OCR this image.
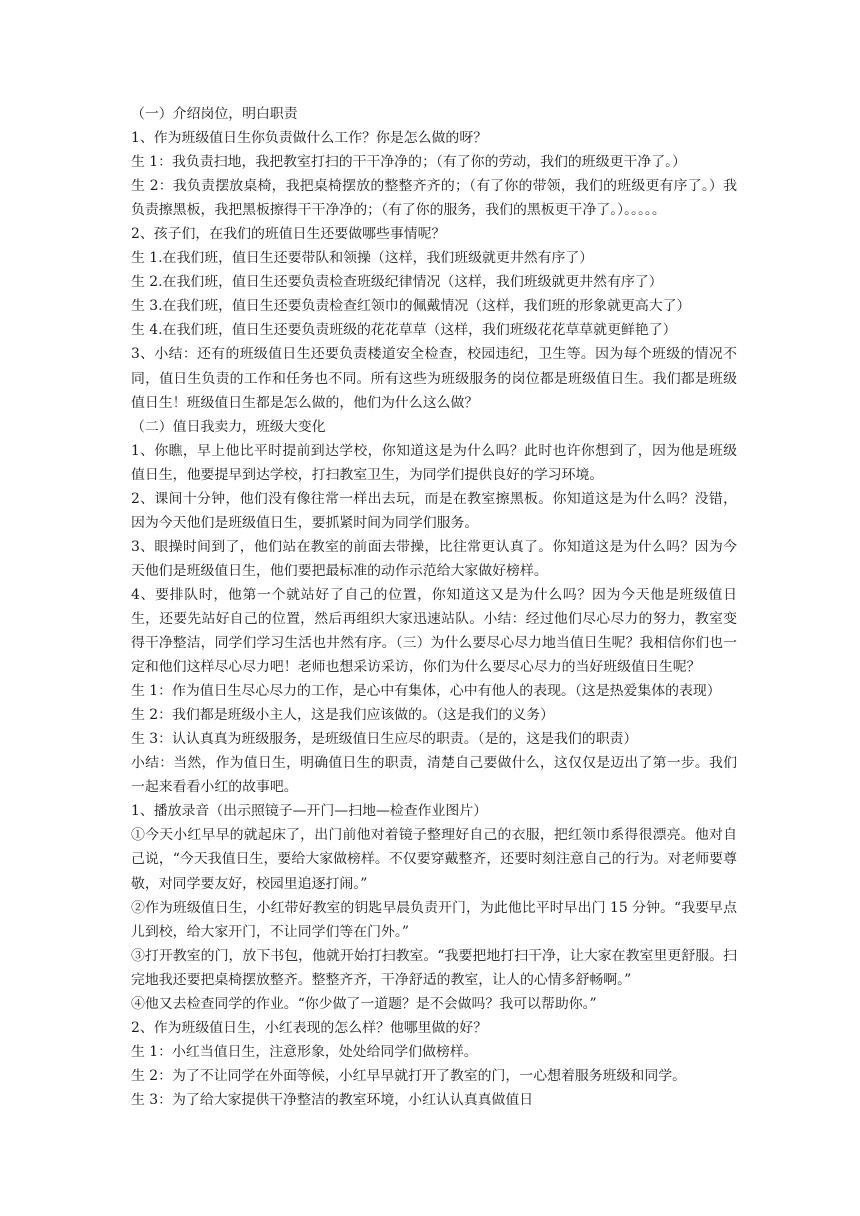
（一）介绍岗位，明白职责

1、作为班级值日生你负责做什么工作？你是怎么做的呀？

生 1：我负责扫地，我把教室打扫的干干净净的；（有了你的劳动，我们的班级更干净了。）

生 2：我负责摆放桌椅，我把桌椅摆放的整整齐齐的；（有了你的带领，我们的班级更有序了。）我负责擦黑板，我把黑板擦得干干净净的；（有了你的服务，我们的黑板更干净了。）。。。。。

2、孩子们，在我们的班值日生还要做哪些事情呢？

生 1.在我们班，值日生还要带队和领操（这样，我们班级就更井然有序了）

生 2.在我们班，值日生还要负责检查班级纪律情况（这样，我们班级就更井然有序了）

生 3.在我们班，值日生还要负责检查红领巾的佩戴情况（这样，我们班的形象就更高大了）

生 4.在我们班，值日生还要负责班级的花花草草（这样，我们班级花花草草就更鲜艳了）

3、小结：还有的班级值日生还要负责楼道安全检查，校园违纪，卫生等。因为每个班级的情况不同，值日生负责的工作和任务也不同。所有这些为班级服务的岗位都是班级值日生。我们都是班级值日生！班级值日生都是怎么做的，他们为什么这么做？

（二）值日我卖力，班级大变化

1、你瞧，早上他比平时提前到达学校，你知道这是为什么吗？此时也许你想到了，因为他是班级值日生，他要提早到达学校，打扫教室卫生，为同学们提供良好的学习环境。

2、课间十分钟，他们没有像往常一样出去玩，而是在教室擦黑板。你知道这是为什么吗？没错，因为今天他们是班级值日生，要抓紧时间为同学们服务。

3、眼操时间到了，他们站在教室的前面去带操，比往常更认真了。你知道这是为什么吗？因为今天他们是班级值日生，他们要把最标准的动作示范给大家做好榜样。

4、要排队时，他第一个就站好了自己的位置，你知道这又是为什么吗？因为今天他是班级值日生，还要先站好自己的位置，然后再组织大家迅速站队。小结：经过他们尽心尽力的努力，教室变得干净整洁，同学们学习生活也井然有序。（三）为什么要尽心尽力地当值日生呢？我相信你们也一定和他们这样尽心尽力吧！老师也想采访采访，你们为什么要尽心尽力的当好班级值日生呢？

生 1：作为值日生尽心尽力的工作，是心中有集体，心中有他人的表现。（这是热爱集体的表现）

生 2：我们都是班级小主人，这是我们应该做的。（这是我们的义务）

生 3：认认真真为班级服务，是班级值日生应尽的职责。（是的，这是我们的职责）

小结：当然，作为值日生，明确值日生的职责，清楚自己要做什么，这仅仅是迈出了第一步。我们一起来看看小红的故事吧。

1、播放录音（出示照镜子—开门—扫地—检查作业图片）

①今天小红早早的就起床了，出门前他对着镜子整理好自己的衣服，把红领巾系得很漂亮。他对自己说，“今天我值日生，要给大家做榜样。不仅要穿戴整齐，还要时刻注意自己的行为。对老师要尊敬，对同学要友好，校园里追逐打闹。”

②作为班级值日生，小红带好教室的钥匙早晨负责开门，为此他比平时早出门 15 分钟。“我要早点儿到校，给大家开门，不让同学们等在门外。”

③打开教室的门，放下书包，他就开始打扫教室。“我要把地打扫干净，让大家在教室里更舒服。扫完地我还要把桌椅摆放整齐。整整齐齐，干净舒适的教室，让人的心情多舒畅啊。”

④他又去检查同学的作业。“你少做了一道题？是不会做吗？我可以帮助你。”

2、作为班级值日生，小红表现的怎么样？他哪里做的好？

生 1：小红当值日生，注意形象，处处给同学们做榜样。

生 2：为了不让同学在外面等候，小红早早就打开了教室的门，一心想着服务班级和同学。

生 3：为了给大家提供干净整洁的教室环境，小红认认真真做值日
